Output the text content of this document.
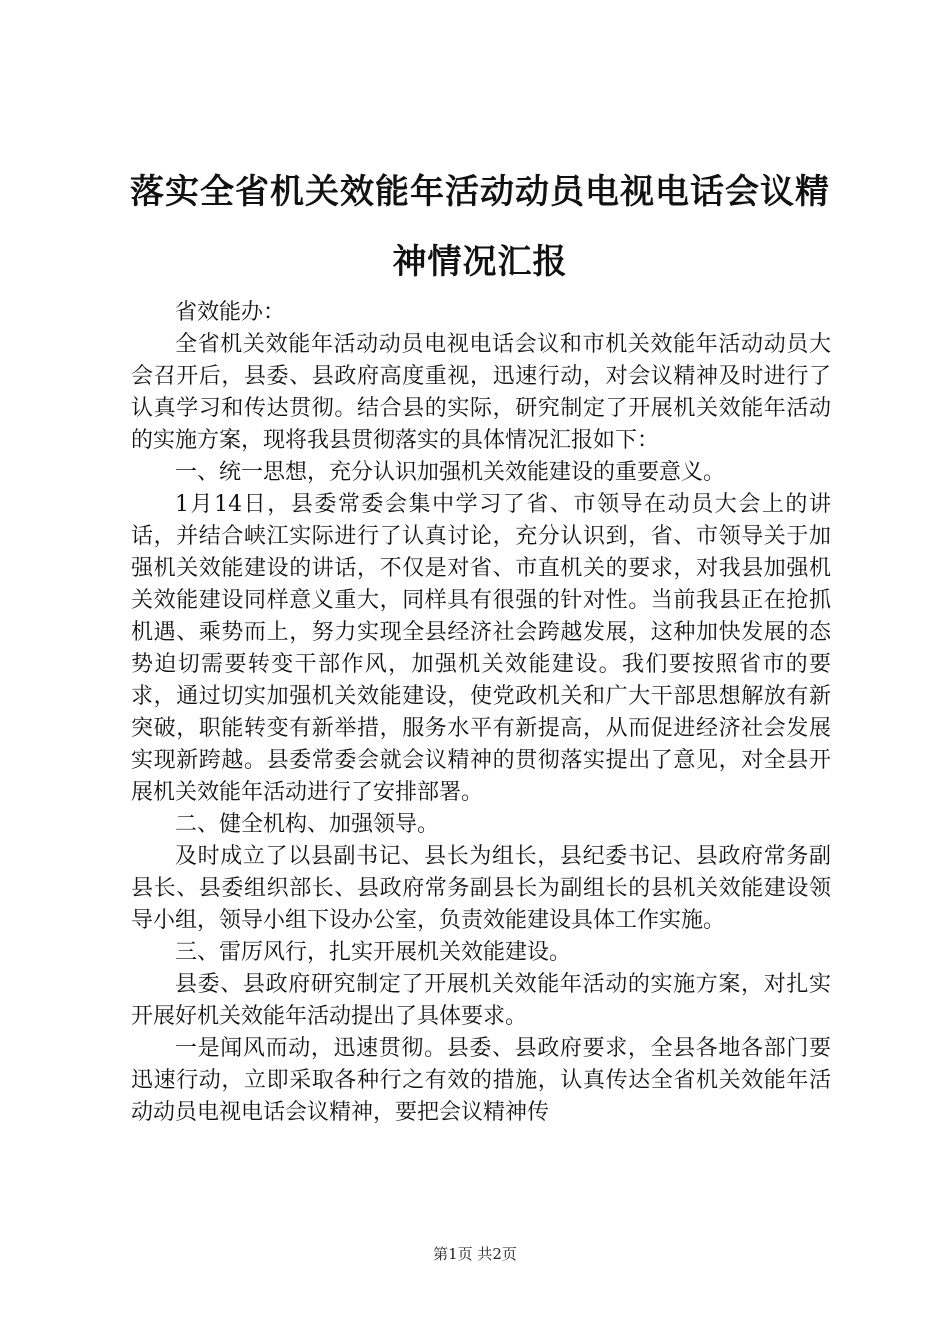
落实全省机关效能年活动动员电视电话会议精神情况汇报

省效能办：

全省机关效能年活动动员电视电话会议和市机关效能年活动动员大会召开后，县委、县政府高度重视，迅速行动，对会议精神及时进行了认真学习和传达贯彻。结合县的实际，研究制定了开展机关效能年活动的实施方案，现将我县贯彻落实的具体情况汇报如下：

一、统一思想，充分认识加强机关效能建设的重要意义。

1月14日，县委常委会集中学习了省、市领导在动员大会上的讲话，并结合峡江实际进行了认真讨论，充分认识到，省、市领导关于加强机关效能建设的讲话，不仅是对省、市直机关的要求，对我县加强机关效能建设同样意义重大，同样具有很强的针对性。当前我县正在抢抓机遇、乘势而上，努力实现全县经济社会跨越发展，这种加快发展的态势迫切需要转变干部作风，加强机关效能建设。我们要按照省市的要求，通过切实加强机关效能建设，使党政机关和广大干部思想解放有新突破，职能转变有新举措，服务水平有新提高，从而促进经济社会发展实现新跨越。县委常委会就会议精神的贯彻落实提出了意见，对全县开展机关效能年活动进行了安排部署。

二、健全机构、加强领导。

及时成立了以县副书记、县长为组长，县纪委书记、县政府常务副县长、县委组织部长、县政府常务副县长为副组长的县机关效能建设领导小组，领导小组下设办公室，负责效能建设具体工作实施。

三、雷厉风行，扎实开展机关效能建设。

县委、县政府研究制定了开展机关效能年活动的实施方案，对扎实开展好机关效能年活动提出了具体要求。

一是闻风而动，迅速贯彻。县委、县政府要求，全县各地各部门要迅速行动，立即采取各种行之有效的措施，认真传达全省机关效能年活动动员电视电话会议精神，要把会议精神传

第1页 共2页
